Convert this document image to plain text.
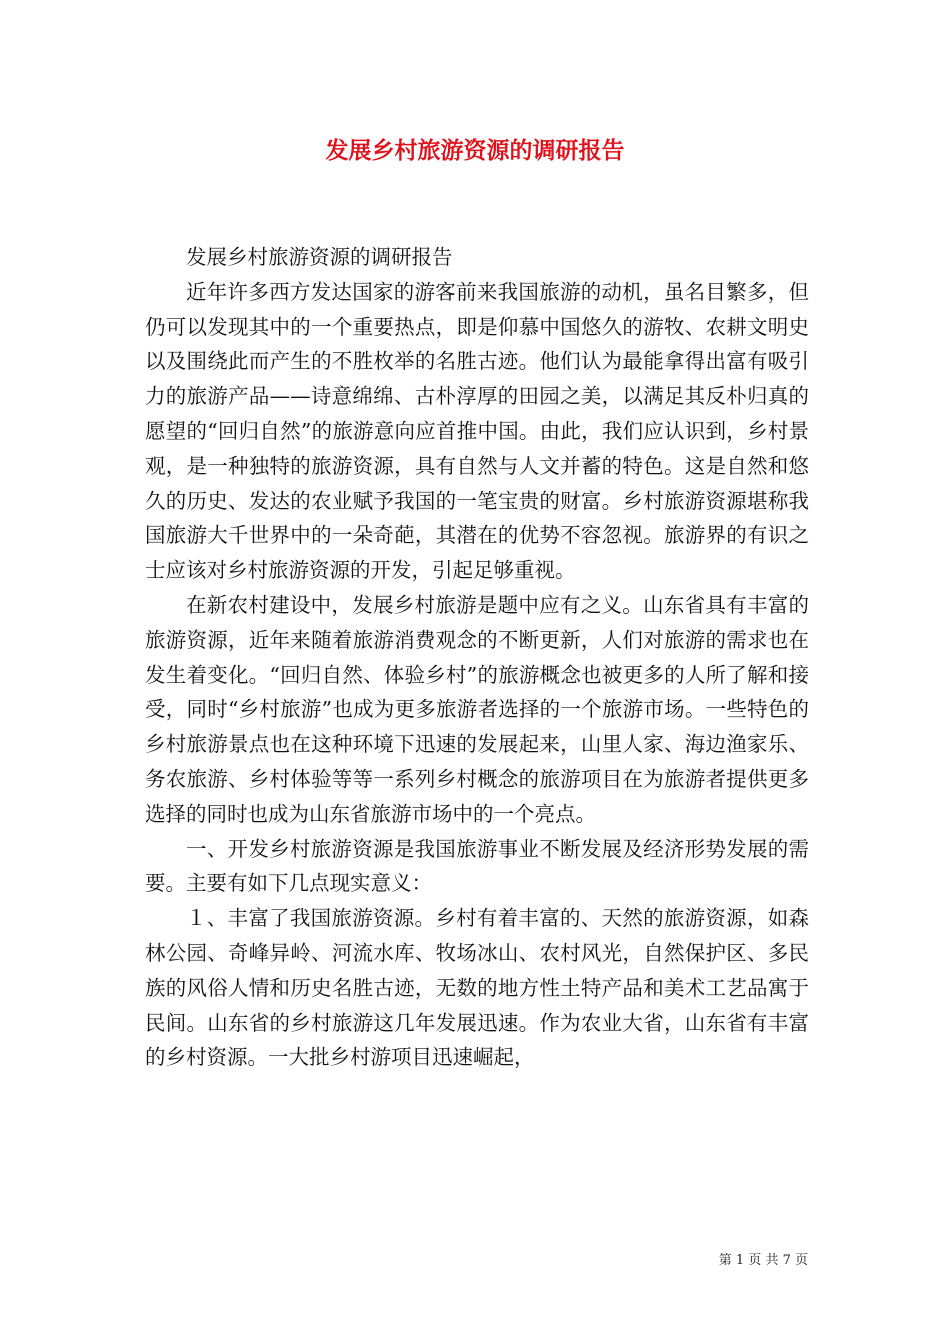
发展乡村旅游资源的调研报告

发展乡村旅游资源的调研报告

近年许多西方发达国家的游客前来我国旅游的动机，虽名目繁多，但仍可以发现其中的一个重要热点，即是仰慕中国悠久的游牧、农耕文明史以及围绕此而产生的不胜枚举的名胜古迹。他们认为最能拿得出富有吸引力的旅游产品——诗意绵绵、古朴淳厚的田园之美，以满足其反朴归真的愿望的“回归自然”的旅游意向应首推中国。由此，我们应认识到，乡村景观，是一种独特的旅游资源，具有自然与人文并蓄的特色。这是自然和悠久的历史、发达的农业赋予我国的一笔宝贵的财富。乡村旅游资源堪称我国旅游大千世界中的一朵奇葩，其潜在的优势不容忽视。旅游界的有识之士应该对乡村旅游资源的开发，引起足够重视。

在新农村建设中，发展乡村旅游是题中应有之义。山东省具有丰富的旅游资源，近年来随着旅游消费观念的不断更新，人们对旅游的需求也在发生着变化。“回归自然、体验乡村”的旅游概念也被更多的人所了解和接受，同时“乡村旅游”也成为更多旅游者选择的一个旅游市场。一些特色的乡村旅游景点也在这种环境下迅速的发展起来，山里人家、海边渔家乐、务农旅游、乡村体验等等一系列乡村概念的旅游项目在为旅游者提供更多选择的同时也成为山东省旅游市场中的一个亮点。

一、开发乡村旅游资源是我国旅游事业不断发展及经济形势发展的需要。主要有如下几点现实意义：

１、丰富了我国旅游资源。乡村有着丰富的、天然的旅游资源，如森林公园、奇峰异岭、河流水库、牧场冰山、农村风光，自然保护区、多民族的风俗人情和历史名胜古迹，无数的地方性土特产品和美术工艺品寓于民间。山东省的乡村旅游这几年发展迅速。作为农业大省，山东省有丰富的乡村资源。一大批乡村游项目迅速崛起，

第 1 页 共 7 页
